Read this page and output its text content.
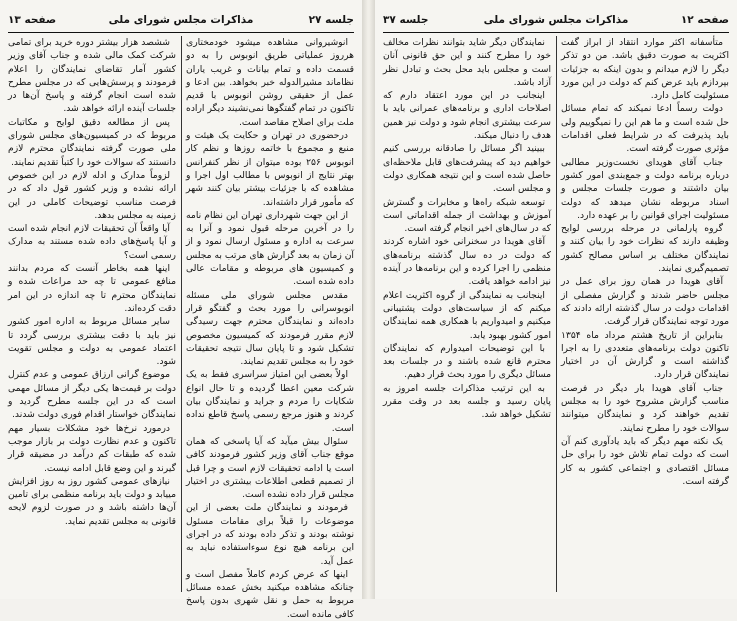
جلسه ۲۷
مذاکرات مجلس شورای ملی
صفحه ۱۳

انوشیروانی مشاهده میشود خودمختاری هرروز عملیاتی طریق انوبوس را به دو قسمت داده و تمام بیانات و غریب یاران نظاماند مشیرالدوله خبر بخواهد. بین ادعا و عمل از حقیقی روشن انوبوس با قدیم تاکنون در تمام گفتگوها نمی‌نشیند دیگر اراده ملت برای اصلاح مقاصد است.

درحضوری در تهران و حکایت یک هیئت و منبع و مجموع با خاتمه روزها و نظم کار انوبوس ۲۵۶ بوده میتوان از نظر کنفرانس بهتر نتایج از انوبوس با مطالب اول اجرا و مشاهده که با جزئیات بیشتر بیان کنند شهر که مأمور قرار داشته‌اند.

از این جهت شهرداری تهران این نظام نامه را در آخرین مرحله قبول نمود و آنرا به سرعت به اداره و مسئول ارسال نمود و از آن زمان به بعد گزارش های مرتب به مجلس و کمیسیون های مربوطه و مقامات عالی داده شده است.

مقدس مجلس شورای ملی مسئله انوبوسرانی را مورد بحث و گفتگو قرار داده‌اند و نمایندگان محترم جهت رسیدگی لازم مقرر فرمودند که کمیسیون مخصوص تشکیل شود و تا پایان سال نتیجه تحقیقات خود را به مجلس تقدیم نمایند.

اولاً بعضی این امتیاز سراسری فقط به یک شرکت معین اعطا گردیده و تا حال انواع شکایات را مردم و جراید و نمایندگان بیان کردند و هنوز مرجع رسمی پاسخ قاطع نداده است.

سئوال بیش میآید که آیا پاسخی که همان موقع جناب آقای وزیر کشور فرمودند کافی است یا ادامه تحقیقات لازم است و چرا قبل از تصمیم قطعی اطلاعات بیشتری در اختیار مجلس قرار داده نشده است.

فرمودند و نمایندگان ملت بعضی از این موضوعات را قبلاً برای مقامات مسئول نوشته بودند و تذکر داده بودند که در اجرای این برنامه هیچ نوع سوءاستفاده نباید به عمل آید.

اینها که عرض کردم کاملاً مفصل است و چنانکه مشاهده میکنید بخش عمده مسائل مربوط به حمل و نقل شهری بدون پاسخ کافی مانده است.

ششصد هزار بیشتر دوره خرید برای تمامی شرکت کمک مالی شده و جناب آقای وزیر کشور آمار تقاضای نمایندگان را اعلام فرمودند و پرسش‌هایی که در مجلس مطرح شده است انجام گرفته و پاسخ آن‌ها در جلسات آینده ارائه خواهد شد.

پس از مطالعه دقیق لوایح و مکاتبات مربوط که در کمیسیون‌های مجلس شورای ملی صورت گرفته نمایندگان محترم لازم دانستند که سوالات خود را کتباً تقدیم نمایند.

لزوماً مدارک و ادله لازم در این خصوص ارائه نشده و وزیر کشور قول داد که در فرصت مناسب توضیحات کاملی در این زمینه به مجلس بدهد.

آیا واقعاً آن تحقیقات لازم انجام شده است و آیا پاسخ‌های داده شده مستند به مدارک رسمی است؟

اینها همه بخاطر آنست که مردم بدانند منافع عمومی تا چه حد مراعات شده و نمایندگان محترم تا چه اندازه در این امر دقت کرده‌اند.

سایر مسائل مربوط به اداره امور کشور نیز باید با دقت بیشتری بررسی گردد تا اعتماد عمومی به دولت و مجلس تقویت شود.

موضوع گرانی ارزاق عمومی و عدم کنترل دولت بر قیمت‌ها یکی دیگر از مسائل مهمی است که در این جلسه مطرح گردید و نمایندگان خواستار اقدام فوری دولت شدند.

درمورد نرخ‌ها خود مشکلات بسیار مهم تاکنون و عدم نظارت دولت بر بازار موجب شده که طبقات کم درآمد در مضیقه قرار گیرند و این وضع قابل ادامه نیست.

نیازهای عمومی کشور روز به روز افزایش مییابد و دولت باید برنامه منظمی برای تامین آن‌ها داشته باشد و در صورت لزوم لایحه قانونی به مجلس تقدیم نماید.

صفحه ۱۲
مذاکرات مجلس شورای ملی
جلسه ۳۷

متأسفانه اکثر موارد انتقاد از ابراز گفت اکثریت به صورت دقیق باشد. من دو تذکر دیگر را لازم میدانم و بدون اینکه به جزئیات بپردازم باید عرض کنم که دولت در این مورد مسئولیت کامل دارد.

دولت رسماً ادعا نمیکند که تمام مسائل حل شده است و ما هم این را نمیگوییم ولی باید پذیرفت که در شرایط فعلی اقدامات مؤثری صورت گرفته است.

جناب آقای هویدای نخست‌وزیر مطالبی درباره برنامه دولت و جمع‌بندی امور کشور بیان داشتند و صورت جلسات مجلس و اسناد مربوطه نشان میدهد که دولت مسئولیت اجرای قوانین را بر عهده دارد.

گروه پارلمانی در مرحله بررسی لوایح وظیفه دارند که نظرات خود را بیان کنند و نمایندگان مختلف بر اساس مصالح کشور تصمیم‌گیری نمایند.

آقای هویدا در همان روز برای عمل در مجلس حاضر شدند و گزارش مفصلی از اقدامات دولت در سال گذشته ارائه دادند که مورد توجه نمایندگان قرار گرفت.

بنابراین از تاریخ هشتم مرداد ماه ۱۳۵۴ تاکنون دولت برنامه‌های متعددی را به اجرا گذاشته است و گزارش آن در اختیار نمایندگان قرار دارد.

جناب آقای هویدا بار دیگر در فرصت مناسب گزارش مشروح خود را به مجلس تقدیم خواهند کرد و نمایندگان میتوانند سوالات خود را مطرح نمایند.

یک نکته مهم دیگر که باید یادآوری کنم آن است که دولت تمام تلاش خود را برای حل مسائل اقتصادی و اجتماعی کشور به کار گرفته است.

نمایندگان دیگر شاید بتوانند نظرات مخالف خود را مطرح کنند و این حق قانونی آنان است و مجلس باید محل بحث و تبادل نظر آزاد باشد.

اینجانب در این مورد اعتقاد دارم که اصلاحات اداری و برنامه‌های عمرانی باید با سرعت بیشتری انجام شود و دولت نیز همین هدف را دنبال میکند.

ببینید اگر مسائل را صادقانه بررسی کنیم خواهیم دید که پیشرفت‌های قابل ملاحظه‌ای حاصل شده است و این نتیجه همکاری دولت و مجلس است.

توسعه شبکه راه‌ها و مخابرات و گسترش آموزش و بهداشت از جمله اقداماتی است که در سال‌های اخیر انجام گرفته است.

آقای هویدا در سخنرانی خود اشاره کردند که دولت در ده سال گذشته برنامه‌های منظمی را اجرا کرده و این برنامه‌ها در آینده نیز ادامه خواهد یافت.

اینجانب به نمایندگی از گروه اکثریت اعلام میکنم که از سیاست‌های دولت پشتیبانی میکنیم و امیدواریم با همکاری همه نمایندگان امور کشور بهبود یابد.

با این توضیحات امیدوارم که نمایندگان محترم قانع شده باشند و در جلسات بعد مسائل دیگری را مورد بحث قرار دهیم.

به این ترتیب مذاکرات جلسه امروز به پایان رسید و جلسه بعد در وقت مقرر تشکیل خواهد شد.
